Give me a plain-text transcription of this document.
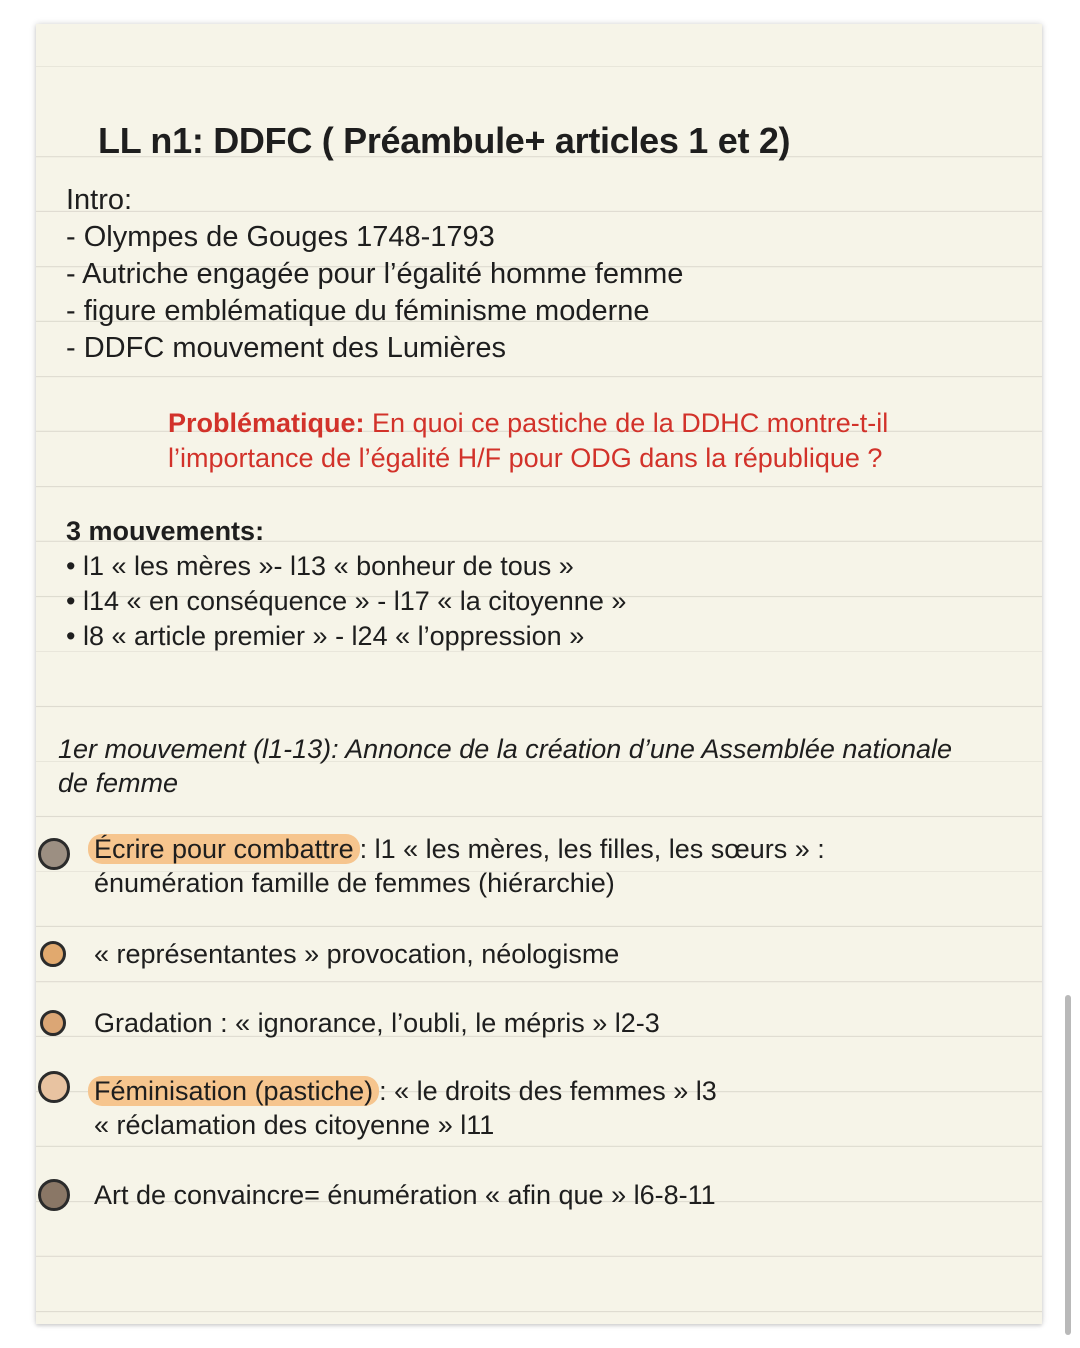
LL n1: DDFC ( Préambule+ articles 1 et 2)
Intro:
- Olympes de Gouges 1748-1793
- Autriche engagée pour l’égalité homme femme
- figure emblématique du féminisme moderne
- DDFC mouvement des Lumières
Problématique: En quoi ce pastiche de la DDHC montre-t-il
l’importance de l’égalité H/F pour ODG dans la république ?
3 mouvements:
• l1 « les mères »- l13 « bonheur de tous »
• l14 « en conséquence » - l17 « la citoyenne »
• l8 « article premier » - l24 « l’oppression »
1er mouvement (l1-13): Annonce de la création d’une Assemblée nationale
de femme
Écrire pour combattre : l1 « les mères, les filles, les sœurs » :
énumération famille de femmes (hiérarchie)
« représentantes » provocation, néologisme
Gradation : « ignorance, l’oubli, le mépris » l2-3
Féminisation (pastiche) : « le droits des femmes » l3
« réclamation des citoyenne » l11
Art de convaincre= énumération « afin que » l6-8-11
